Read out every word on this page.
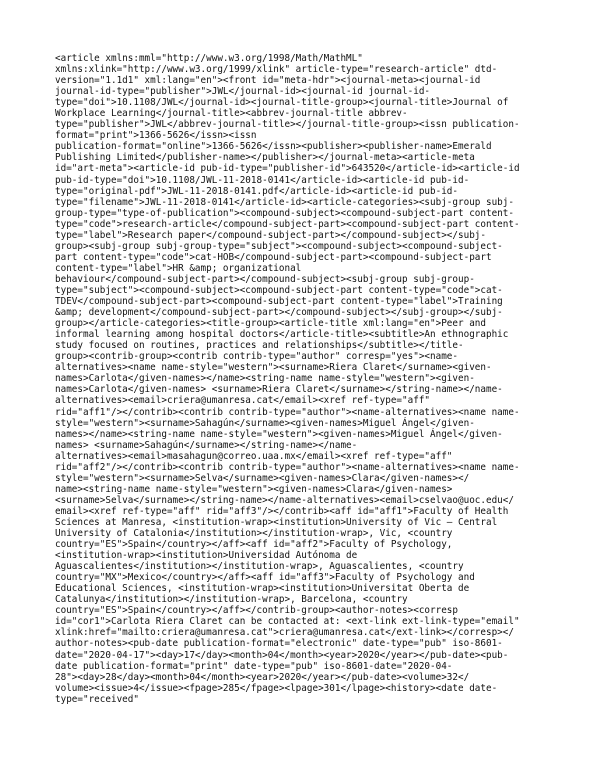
<article xmlns:mml="http://www.w3.org/1998/Math/MathML"
xmlns:xlink="http://www.w3.org/1999/xlink" article-type="research-article" dtd-
version="1.1d1" xml:lang="en"><front id="meta-hdr"><journal-meta><journal-id
journal-id-type="publisher">JWL</journal-id><journal-id journal-id-
type="doi">10.1108/JWL</journal-id><journal-title-group><journal-title>Journal of
Workplace Learning</journal-title><abbrev-journal-title abbrev-
type="publisher">JWL</abbrev-journal-title></journal-title-group><issn publication-
format="print">1366-5626</issn><issn
publication-format="online">1366-5626</issn><publisher><publisher-name>Emerald
Publishing Limited</publisher-name></publisher></journal-meta><article-meta
id="art-meta"><article-id pub-id-type="publisher-id">643520</article-id><article-id
pub-id-type="doi">10.1108/JWL-11-2018-0141</article-id><article-id pub-id-
type="original-pdf">JWL-11-2018-0141.pdf</article-id><article-id pub-id-
type="filename">JWL-11-2018-0141</article-id><article-categories><subj-group subj-
group-type="type-of-publication"><compound-subject><compound-subject-part content-
type="code">research-article</compound-subject-part><compound-subject-part content-
type="label">Research paper</compound-subject-part></compound-subject></subj-
group><subj-group subj-group-type="subject"><compound-subject><compound-subject-
part content-type="code">cat-HOB</compound-subject-part><compound-subject-part
content-type="label">HR &amp; organizational
behaviour</compound-subject-part></compound-subject><subj-group subj-group-
type="subject"><compound-subject><compound-subject-part content-type="code">cat-
TDEV</compound-subject-part><compound-subject-part content-type="label">Training
&amp; development</compound-subject-part></compound-subject></subj-group></subj-
group></article-categories><title-group><article-title xml:lang="en">Peer and
informal learning among hospital doctors</article-title><subtitle>An ethnographic
study focused on routines, practices and relationships</subtitle></title-
group><contrib-group><contrib contrib-type="author" corresp="yes"><name-
alternatives><name name-style="western"><surname>Riera Claret</surname><given-
names>Carlota</given-names></name><string-name name-style="western"><given-
names>Carlota</given-names> <surname>Riera Claret</surname></string-name></name-
alternatives><email>criera@umanresa.cat</email><xref ref-type="aff"
rid="aff1"/></contrib><contrib contrib-type="author"><name-alternatives><name name-
style="western"><surname>Sahagún</surname><given-names>Miguel Ángel</given-
names></name><string-name name-style="western"><given-names>Miguel Ángel</given-
names> <surname>Sahagún</surname></string-name></name-
alternatives><email>masahagun@correo.uaa.mx</email><xref ref-type="aff"
rid="aff2"/></contrib><contrib contrib-type="author"><name-alternatives><name name-
style="western"><surname>Selva</surname><given-names>Clara</given-names></
name><string-name name-style="western"><given-names>Clara</given-names>
<surname>Selva</surname></string-name></name-alternatives><email>cselvao@uoc.edu</
email><xref ref-type="aff" rid="aff3"/></contrib><aff id="aff1">Faculty of Health
Sciences at Manresa, <institution-wrap><institution>University of Vic – Central
University of Catalonia</institution></institution-wrap>, Vic, <country
country="ES">Spain</country></aff><aff id="aff2">Faculty of Psychology,
<institution-wrap><institution>Universidad Autónoma de
Aguascalientes</institution></institution-wrap>, Aguascalientes, <country
country="MX">Mexico</country></aff><aff id="aff3">Faculty of Psychology and
Educational Sciences, <institution-wrap><institution>Universitat Oberta de
Catalunya</institution></institution-wrap>, Barcelona, <country
country="ES">Spain</country></aff></contrib-group><author-notes><corresp
id="cor1">Carlota Riera Claret can be contacted at: <ext-link ext-link-type="email"
xlink:href="mailto:criera@umanresa.cat">criera@umanresa.cat</ext-link></corresp></
author-notes><pub-date publication-format="electronic" date-type="pub" iso-8601-
date="2020-04-17"><day>17</day><month>04</month><year>2020</year></pub-date><pub-
date publication-format="print" date-type="pub" iso-8601-date="2020-04-
28"><day>28</day><month>04</month><year>2020</year></pub-date><volume>32</
volume><issue>4</issue><fpage>285</fpage><lpage>301</lpage><history><date date-
type="received"
